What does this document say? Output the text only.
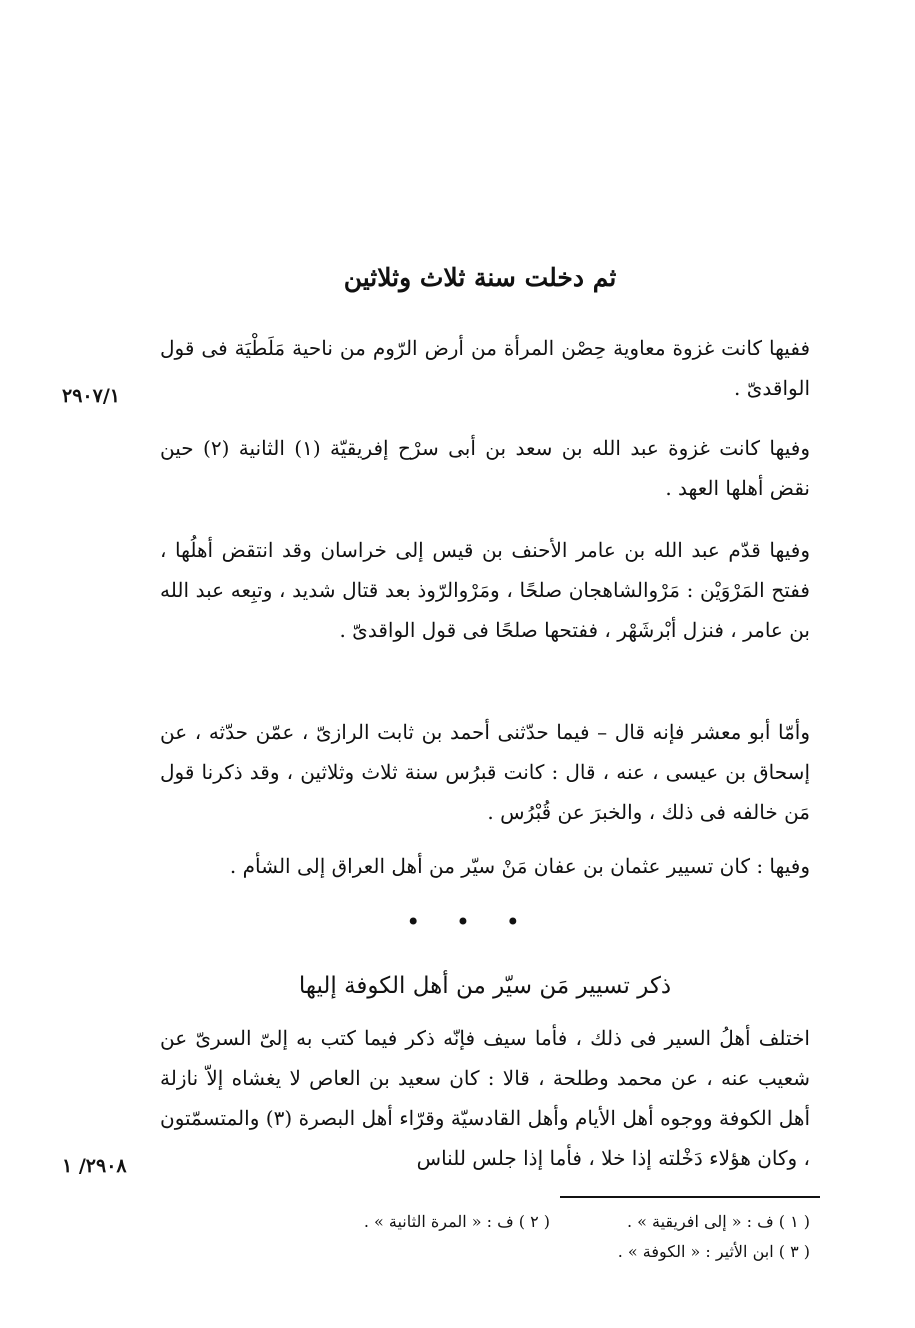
ثم دخلت سنة ثلاث وثلاثين
ففيها كانت غزوة معاوية حِصْن المرأة من أرض الرّوم من ناحية مَلَطْيَة فى قول الواقدىّ .
٢٩٠٧/١
وفيها كانت غزوة عبد الله بن سعد بن أبى سرْح إفريقيّة (١) الثانية (٢) حين نقض أهلها العهد .
وفيها قدّم عبد الله بن عامر الأحنف بن قيس إلى خراسان وقد انتقض أهلُها ، ففتح المَرْوَيْن : مَرْوالشاهجان صلحًا ، ومَرْوالرّوذ بعد قتال شديد ، وتبِعه عبد الله بن عامر ، فنزل أبْرشَهْر ، ففتحها صلحًا فى قول الواقدىّ .
وأمّا أبو معشر فإنه قال – فيما حدّثنى أحمد بن ثابت الرازىّ ، عمّن حدّثه ، عن إسحاق بن عيسى ، عنه ، قال : كانت قبرُس سنة ثلاث وثلاثين ، وقد ذكرنا قول مَن خالفه فى ذلك ، والخبرَ عن قُبْرُس .
وفيها : كان تسيير عثمان بن عفان مَنْ سيّر من أهل العراق إلى الشأم .
• • •
ذكر تسيير مَن سيّر من أهل الكوفة إليها
اختلف أهلُ السير فى ذلك ، فأما سيف فإنّه ذكر فيما كتب به إلىّ السرىّ عن شعيب عنه ، عن محمد وطلحة ، قالا : كان سعيد بن العاص لا يغشاه إلاّ نازلة أهل الكوفة ووجوه أهل الأيام وأهل القادسيّة وقرّاء أهل البصرة (٣) والمتسمّتون ، وكان هؤلاء دَخْلته إذا خلا ، فأما إذا جلس للناس
٢٩٠٨/ ١
( ١ ) ف : « إلى افريقية » .
( ٢ ) ف : « المرة الثانية » .
( ٣ ) ابن الأثير : « الكوفة » .
